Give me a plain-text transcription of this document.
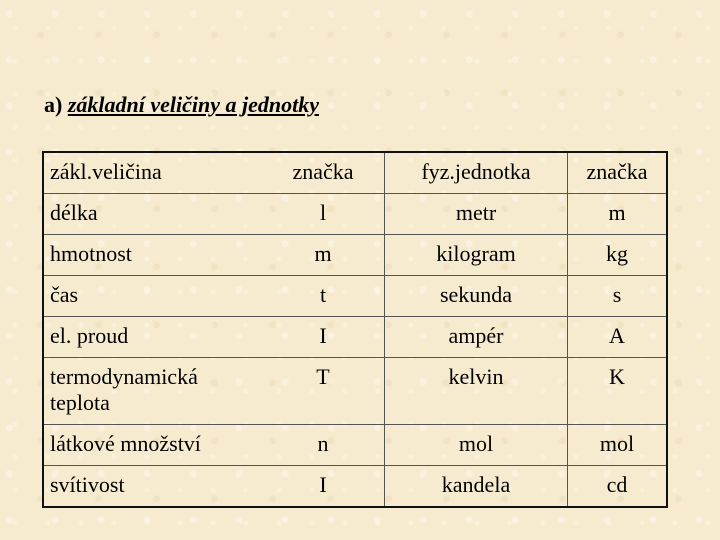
a) základní veličiny a jednotky
zákl.veličina	značka	fyz.jednotka	značka
délka	l	metr	m
hmotnost	m	kilogram	kg
čas	t	sekunda	s
el. proud	I	ampér	A
termodynamická teplota	T	kelvin	K
látkové množství	n	mol	mol
svítivost	I	kandela	cd
